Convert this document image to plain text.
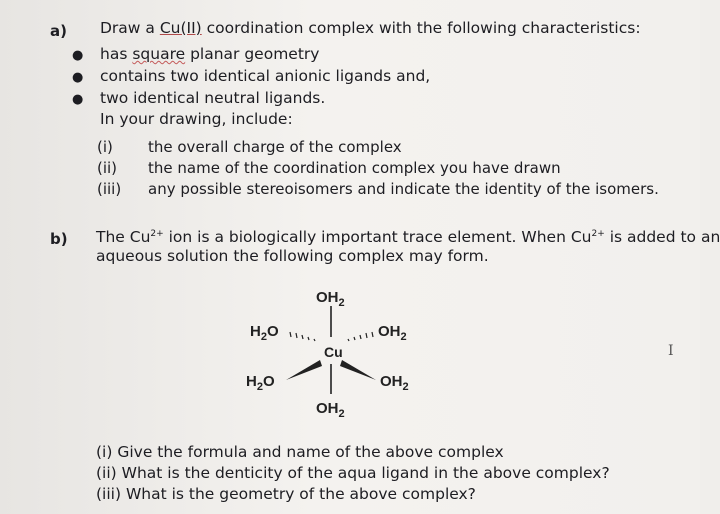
a) Draw a Cu(II) coordination complex with the following characteristics:
● has square planar geometry
● contains two identical anionic ligands and,
● two identical neutral ligands.
In your drawing, include:
(i) the overall charge of the complex
(ii) the name of the coordination complex you have drawn
(iii) any possible stereoisomers and indicate the identity of the isomers.
b) The $Cu^{2+}$ ion is a biologically important trace element. When $Cu^{2+}$ is added to an
aqueous solution the following complex may form.
Cu
$OH_2$
$OH_2$
$H_2O$	$OH_2$
$H_2O$	$OH_2$
(i) Give the formula and name of the above complex
(ii) What is the denticity of the aqua ligand in the above complex?
(iii) What is the geometry of the above complex?
I
